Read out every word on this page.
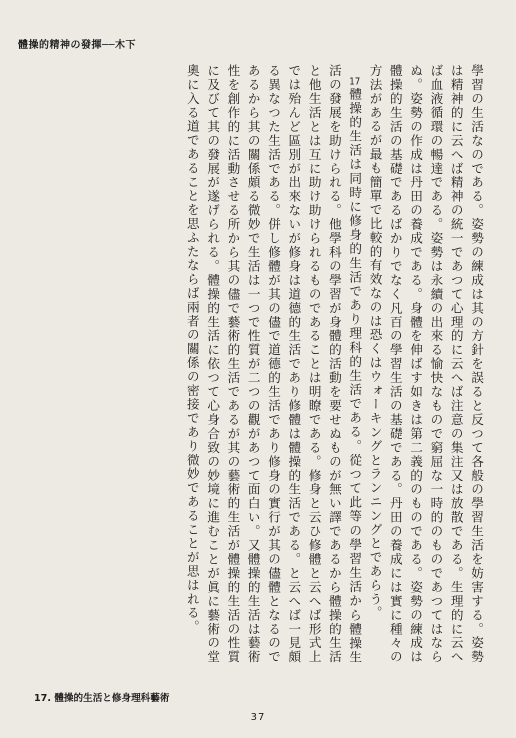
體操的精神の發揮──木下

學習の生活なのである。姿勢の練成は其の方針を誤ると反つて各般の學習生活を妨害する。姿勢は精神的に云へば精神の統一であつて心理的に云へば注意の集注又は放散である。生理的に云へば血液循環の暢達である。姿勢は永續の出來る愉快なもので窮屈な一時的のものであつてはならぬ。姿勢の作成は丹田の養成である。身體を伸ばす如きは第二義的のものである。姿勢の練成は體操的生活の基礎であるばかりでなく凡百の學習生活の基礎である。丹田の養成には實に種々の方法があるが最も簡單で比較的有效なのは恐くはウォーキングとランニングとであらう。

17體操的生活は同時に修身的生活であり理科的生活である。從つて此等の學習生活から體操生活の發展を助けられる。他學科の學習が身體的活動を要せぬものが無い譯であるから體操的生活と他生活とは互に助け助けられるものであることは明瞭である。修身と云ひ修體と云へば形式上では殆んど區別が出來ないが修身は道德的生活であり修體は體操的生活である。と云へば一見頗る異なつた生活である。併し修體が其の儘で道德的生活であり修身の實行が其の儘體となるのであるから其の關係頗る微妙で生活は一つで性質が二つの觀があつて面白い。又體操的生活は藝術性を創作的に活動させる所から其の儘で藝術的生活であるが其の藝術的生活が體操的生活の性質に及びて其の發展が遂げられる。體操的生活に依つて心身合致の妙境に進むことが眞に藝術の堂奧に入る道であることを思ふたならば兩者の關係の密接であり微妙であることが思はれる。

17. 體操的生活と修身理科藝術
37
